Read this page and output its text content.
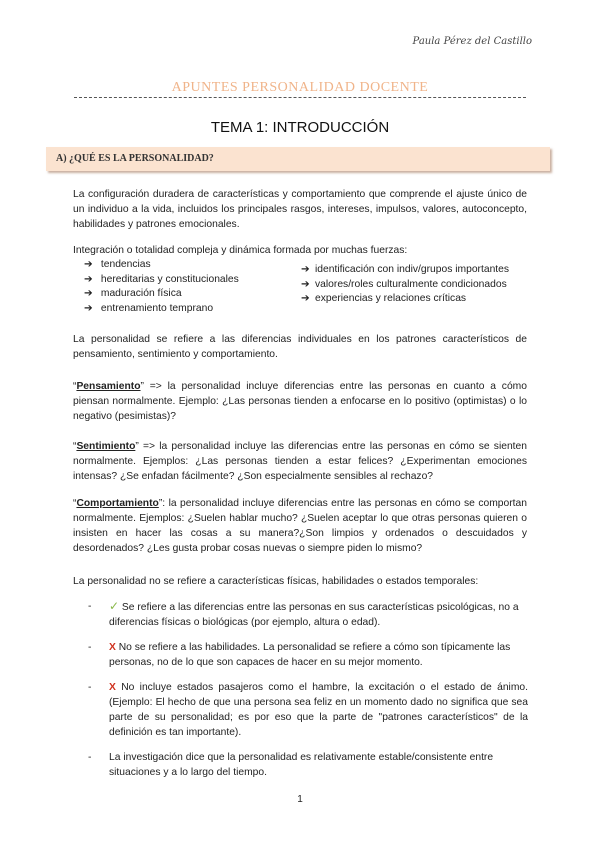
Paula Pérez del Castillo
APUNTES PERSONALIDAD DOCENTE
TEMA 1: INTRODUCCIÓN
A) ¿QUÉ ES LA PERSONALIDAD?

La configuración duradera de características y comportamiento que comprende el ajuste único de un individuo a la vida, incluidos los principales rasgos, intereses, impulsos, valores, autoconcepto, habilidades y patrones emocionales.

Integración o totalidad compleja y dinámica formada por muchas fuerzas:

➔ tendencias
➔ hereditarias y constitucionales
➔ maduración física
➔ entrenamiento temprano
➔ identificación con indiv/grupos importantes
➔ valores/roles culturalmente condicionados
➔ experiencias y relaciones críticas

La personalidad se refiere a las diferencias individuales en los patrones característicos de pensamiento, sentimiento y comportamiento.

“Pensamiento” => la personalidad incluye diferencias entre las personas en cuanto a cómo piensan normalmente. Ejemplo: ¿Las personas tienden a enfocarse en lo positivo (optimistas) o lo negativo (pesimistas)?

“Sentimiento” => la personalidad incluye las diferencias entre las personas en cómo se sienten normalmente. Ejemplos: ¿Las personas tienden a estar felices? ¿Experimentan emociones intensas? ¿Se enfadan fácilmente? ¿Son especialmente sensibles al rechazo?

“Comportamiento”: la personalidad incluye diferencias entre las personas en cómo se comportan normalmente. Ejemplos: ¿Suelen hablar mucho? ¿Suelen aceptar lo que otras personas quieren o insisten en hacer las cosas a su manera?¿Son limpios y ordenados o descuidados y desordenados? ¿Les gusta probar cosas nuevas o siempre piden lo mismo?

La personalidad no se refiere a características físicas, habilidades o estados temporales:

- ✓ Se refiere a las diferencias entre las personas en sus características psicológicas, no a diferencias físicas o biológicas (por ejemplo, altura o edad).
- X No se refiere a las habilidades. La personalidad se refiere a cómo son típicamente las personas, no de lo que son capaces de hacer en su mejor momento.
- X No incluye estados pasajeros como el hambre, la excitación o el estado de ánimo. (Ejemplo: El hecho de que una persona sea feliz en un momento dado no significa que sea parte de su personalidad; es por eso que la parte de "patrones característicos" de la definición es tan importante).
- La investigación dice que la personalidad es relativamente estable/consistente entre situaciones y a lo largo del tiempo.
1
